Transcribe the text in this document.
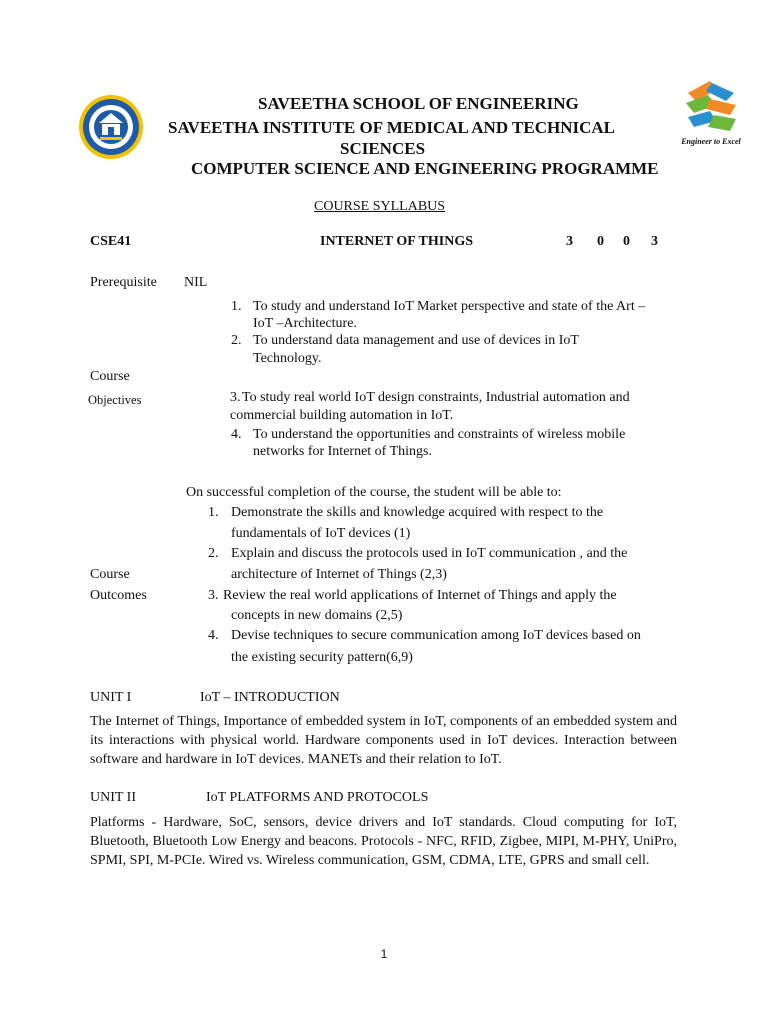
Engineer to Excel
SAVEETHA SCHOOL OF ENGINEERING
SAVEETHA INSTITUTE OF MEDICAL AND TECHNICAL
SCIENCES
COMPUTER SCIENCE AND ENGINEERING PROGRAMME
COURSE SYLLABUS
CSE41	INTERNET OF THINGS	3 0 0 3
Prerequisite NIL
Course
Objectives
1. To study and understand IoT Market perspective and state of the Art –
IoT –Architecture.
2. To understand data management and use of devices in IoT
Technology.
3. To study real world IoT design constraints, Industrial automation and
commercial building automation in IoT.
4. To understand the opportunities and constraints of wireless mobile
networks for Internet of Things.
On successful completion of the course, the student will be able to:
Course
Outcomes
1. Demonstrate the skills and knowledge acquired with respect to the
fundamentals of IoT devices (1)
2. Explain and discuss the protocols used in IoT communication , and the
architecture of Internet of Things (2,3)
3. Review the real world applications of Internet of Things and apply the
concepts in new domains (2,5)
4. Devise techniques to secure communication among IoT devices based on
the existing security pattern(6,9)
UNIT I	IoT – INTRODUCTION
The Internet of Things, Importance of embedded system in IoT, components of an embedded system and its interactions with physical world. Hardware components used in IoT devices. Interaction between software and hardware in IoT devices. MANETs and their relation to IoT.
UNIT II	IoT PLATFORMS AND PROTOCOLS
Platforms - Hardware, SoC, sensors, device drivers and IoT standards. Cloud computing for IoT, Bluetooth, Bluetooth Low Energy and beacons. Protocols - NFC, RFID, Zigbee, MIPI, M-PHY, UniPro, SPMI, SPI, M-PCIe. Wired vs. Wireless communication, GSM, CDMA, LTE, GPRS and small cell.
1
